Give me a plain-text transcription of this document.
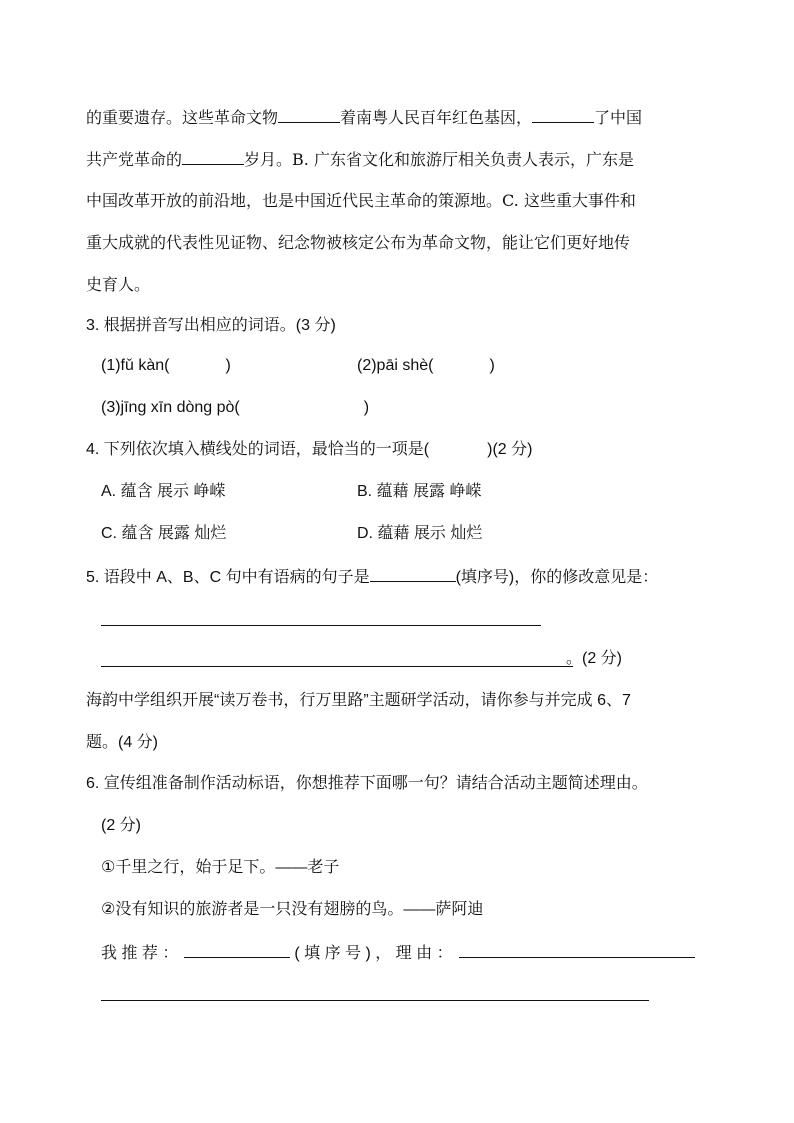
的重要遗存。这些革命文物	着南粤人民百年红色基因，	了中国
共产党革命的	岁月。B. 广东省文化和旅游厅相关负责人表示，广东是
中国改革开放的前沿地，也是中国近代民主革命的策源地。C. 这些重大事件和
重大成就的代表性见证物、纪念物被核定公布为革命文物，能让它们更好地传
史育人。
3. 根据拼音写出相应的词语。(3 分)
(1)fǔ kàn(	)	(2)pāi shè(	)
(3)jīng xīn dòng pò(	)
4. 下列依次填入横线处的词语，最恰当的一项是(	)(2 分)
A. 蕴含 展示 峥嵘	B. 蕴藉 展露 峥嵘
C. 蕴含 展露 灿烂	D. 蕴藉 展示 灿烂
5. 语段中 A、B、C 句中有语病的句子是	(填序号)，你的修改意见是：
。(2 分)
海韵中学组织开展“读万卷书，行万里路”主题研学活动，请你参与并完成 6、7
题。(4 分)
6. 宣传组准备制作活动标语，你想推荐下面哪一句？请结合活动主题简述理由。
(2 分)
①千里之行，始于足下。——老子
②没有知识的旅游者是一只没有翅膀的鸟。——萨阿迪
我 推 荐 ：	( 填 序 号 ) ， 理 由 ：
